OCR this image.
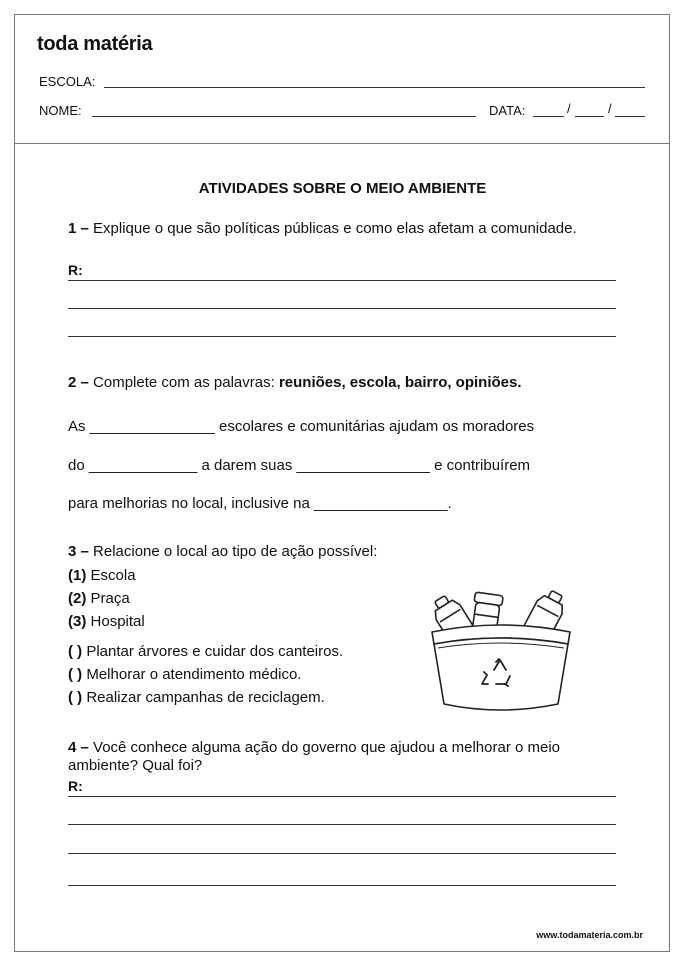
toda matéria
ESCOLA:
NOME:	DATA:	/	/
ATIVIDADES SOBRE O MEIO AMBIENTE
1 – Explique o que são políticas públicas e como elas afetam a comunidade.
R:
2 – Complete com as palavras: reuniões, escola, bairro, opiniões.
As _______________ escolares e comunitárias ajudam os moradores
do _____________ a darem suas ________________ e contribuírem
para melhorias no local, inclusive na ________________.
3 – Relacione o local ao tipo de ação possível:
(1) Escola
(2) Praça
(3) Hospital
( ) Plantar árvores e cuidar dos canteiros.
( ) Melhorar o atendimento médico.
( ) Realizar campanhas de reciclagem.
4 – Você conhece alguma ação do governo que ajudou a melhorar o meio ambiente? Qual foi?
R:
www.todamateria.com.br
